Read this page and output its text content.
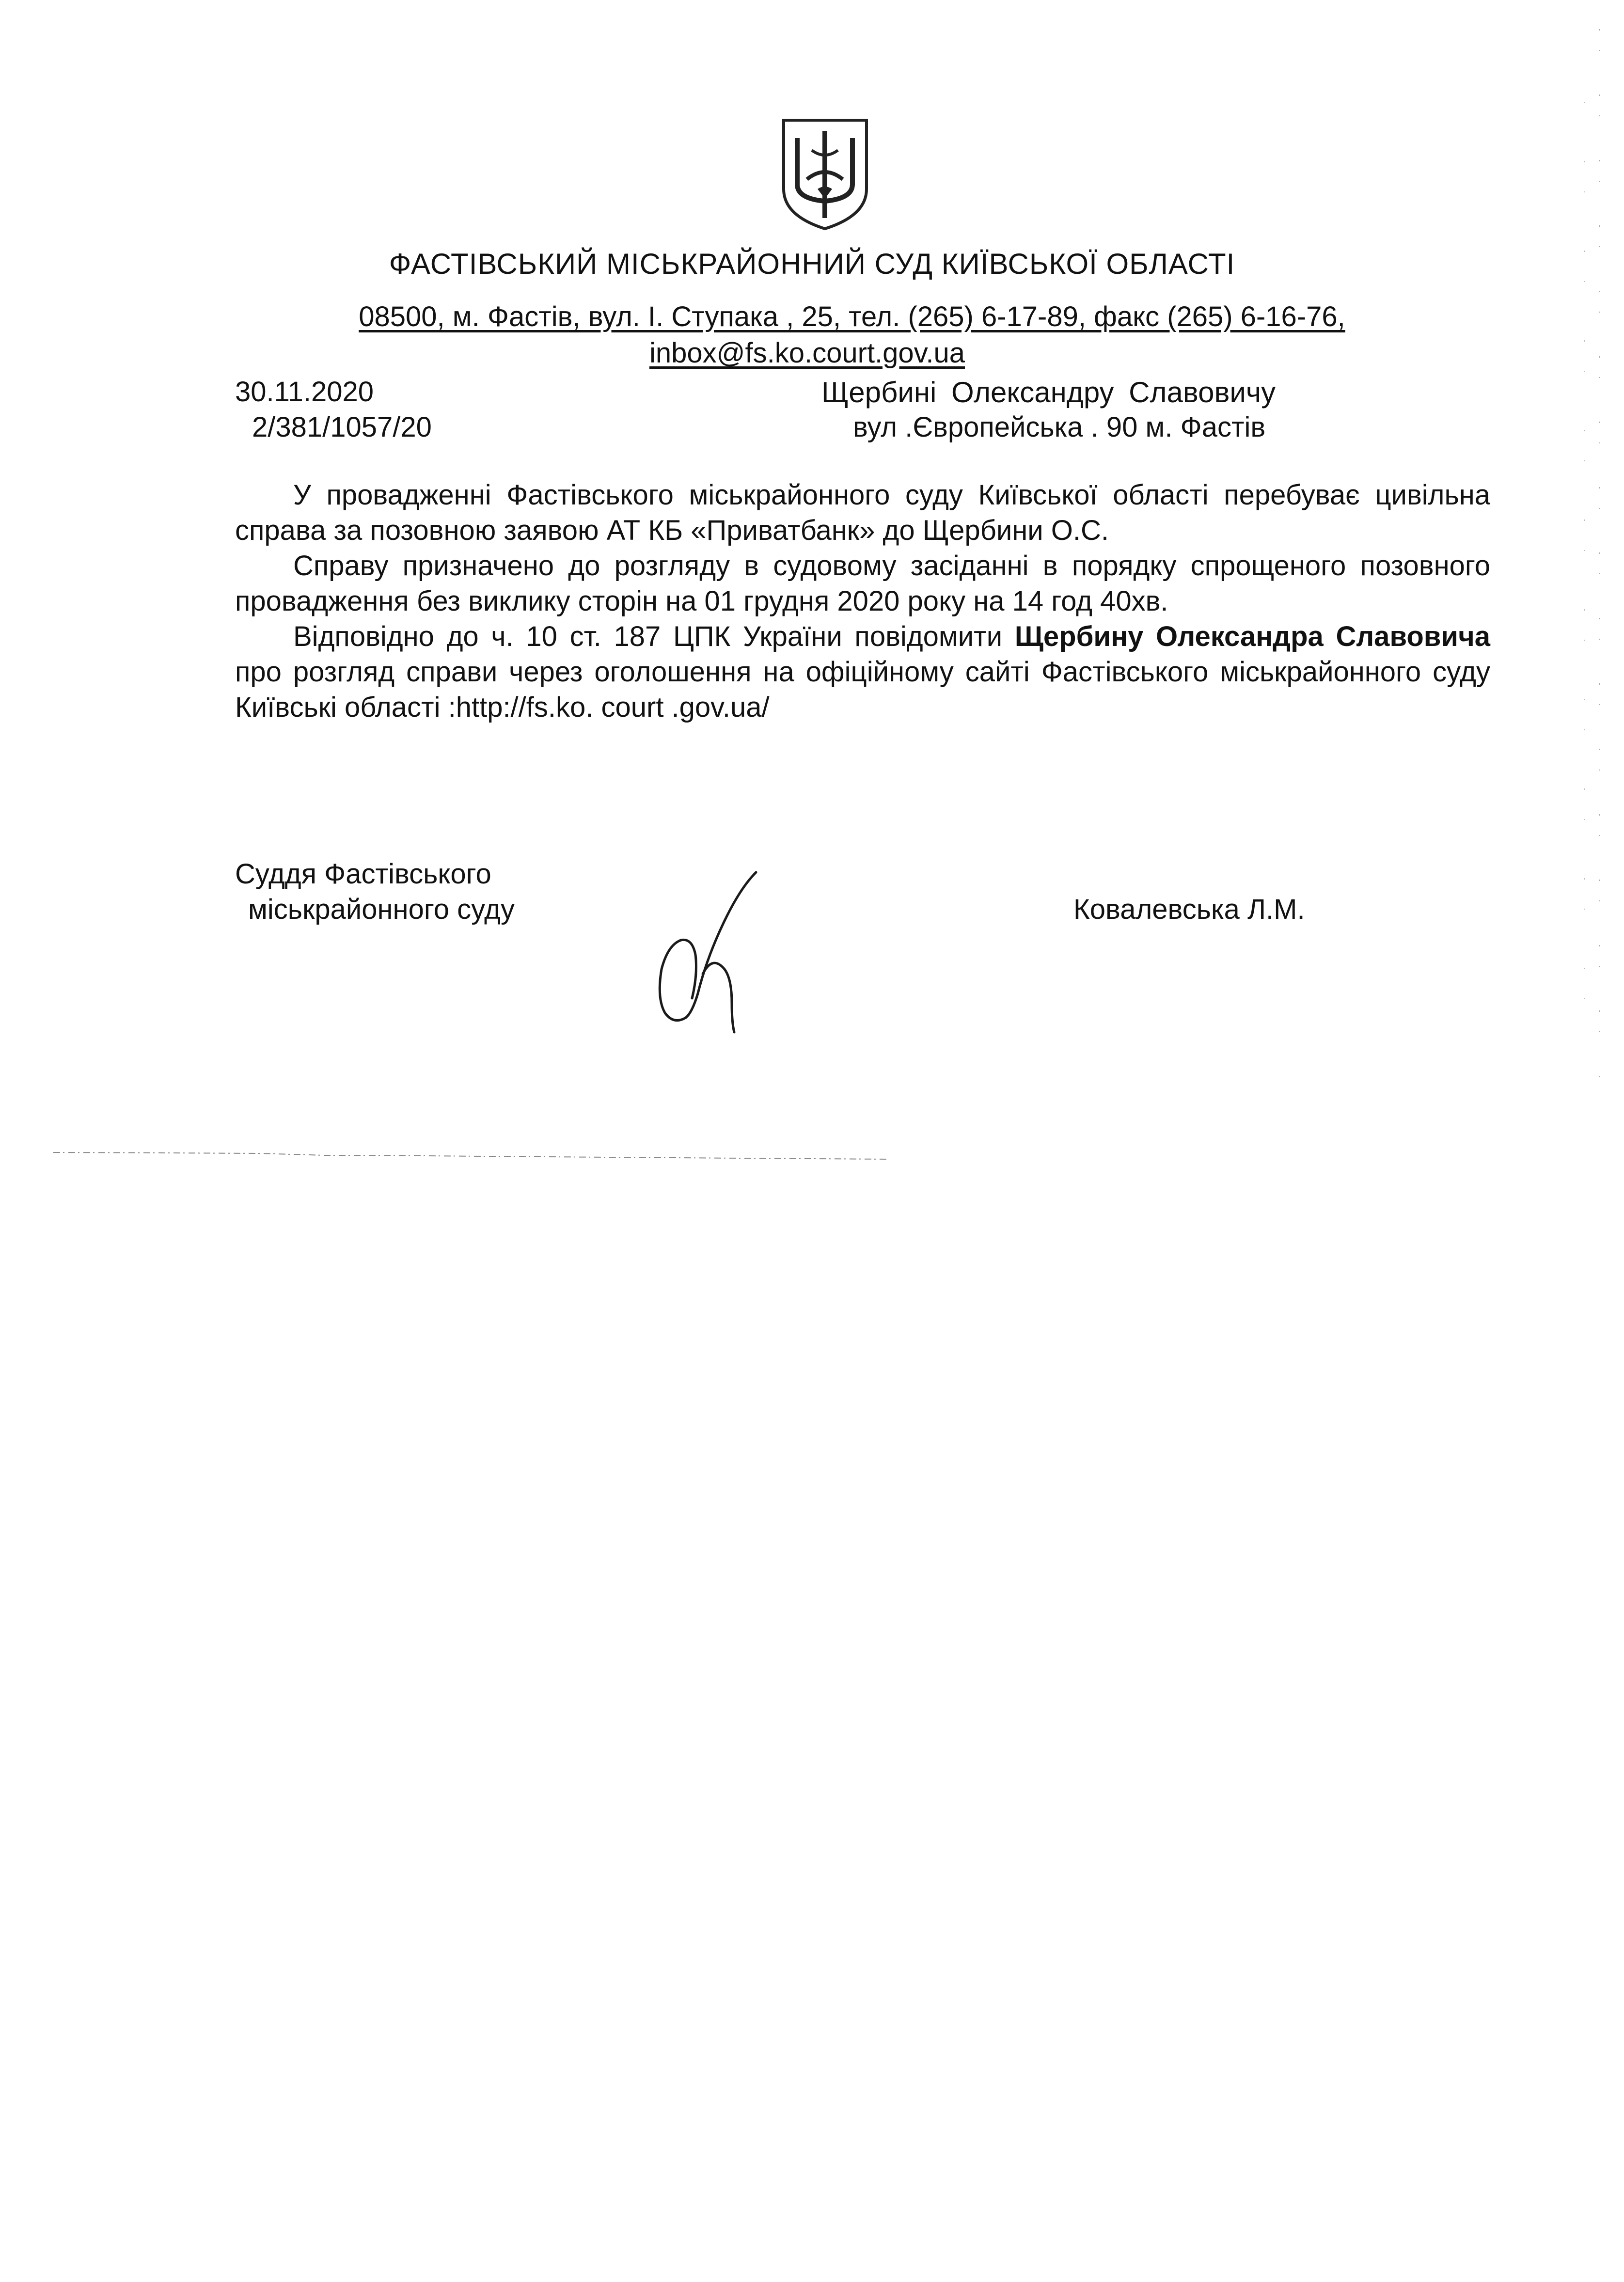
ФАСТІВСЬКИЙ МІСЬКРАЙОННИЙ СУД КИЇВСЬКОЇ ОБЛАСТІ
08500, м. Фастів, вул. І. Ступака , 25, тел. (265) 6-17-89, факс (265) 6-16-76,
inbox@fs.ko.court.gov.ua
30.11.2020
2/381/1057/20
Щербині Олександру Славовичу
вул .Європейська . 90 м. Фастів

У провадженні Фастівського міськрайонного суду Київської області перебуває цивільна справа за позовною заявою АТ КБ «Приватбанк» до Щербини О.С.

Справу призначено до розгляду в судовому засіданні в порядку спрощеного позовного провадження без виклику сторін на 01 грудня 2020 року на 14 год 40хв.

Відповідно до ч. 10 ст. 187 ЦПК України повідомити Щербину Олександра Славовича про розгляд справи через оголошення на офіційному сайті Фастівського міськрайонного суду Київські області :http://fs.ko. court .gov.ua/

Суддя Фастівського
міськрайонного суду	Ковалевська Л.М.
